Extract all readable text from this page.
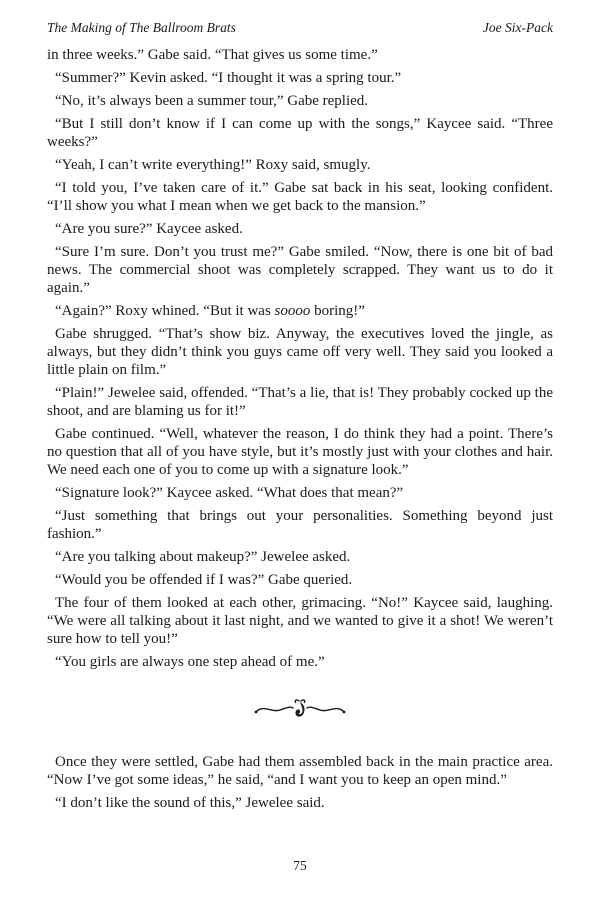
The Making of The Ballroom Brats	Joe Six-Pack

in three weeks.” Gabe said. “That gives us some time.”

“Summer?” Kevin asked. “I thought it was a spring tour.”

“No, it’s always been a summer tour,” Gabe replied.

“But I still don’t know if I can come up with the songs,” Kaycee said. “Three weeks?”

“Yeah, I can’t write everything!” Roxy said, smugly.

“I told you, I’ve taken care of it.” Gabe sat back in his seat, looking confident. “I’ll show you what I mean when we get back to the mansion.”

“Are you sure?” Kaycee asked.

“Sure I’m sure. Don’t you trust me?” Gabe smiled. “Now, there is one bit of bad news. The commercial shoot was completely scrapped. They want us to do it again.”

“Again?” Roxy whined. “But it was soooo boring!”

Gabe shrugged. “That’s show biz. Anyway, the executives loved the jingle, as always, but they didn’t think you guys came off very well. They said you looked a little plain on film.”

“Plain!” Jewelee said, offended. “That’s a lie, that is! They probably cocked up the shoot, and are blaming us for it!”

Gabe continued. “Well, whatever the reason, I do think they had a point. There’s no question that all of you have style, but it’s mostly just with your clothes and hair. We need each one of you to come up with a signature look.”

“Signature look?” Kaycee asked. “What does that mean?”

“Just something that brings out your personalities. Something beyond just fashion.”

“Are you talking about makeup?” Jewelee asked.

“Would you be offended if I was?” Gabe queried.

The four of them looked at each other, grimacing. “No!” Kaycee said, laughing. “We were all talking about it last night, and we wanted to give it a shot! We weren’t sure how to tell you!”

“You girls are always one step ahead of me.”

Once they were settled, Gabe had them assembled back in the main practice area. “Now I’ve got some ideas,” he said, “and I want you to keep an open mind.”

“I don’t like the sound of this,” Jewelee said.

75
